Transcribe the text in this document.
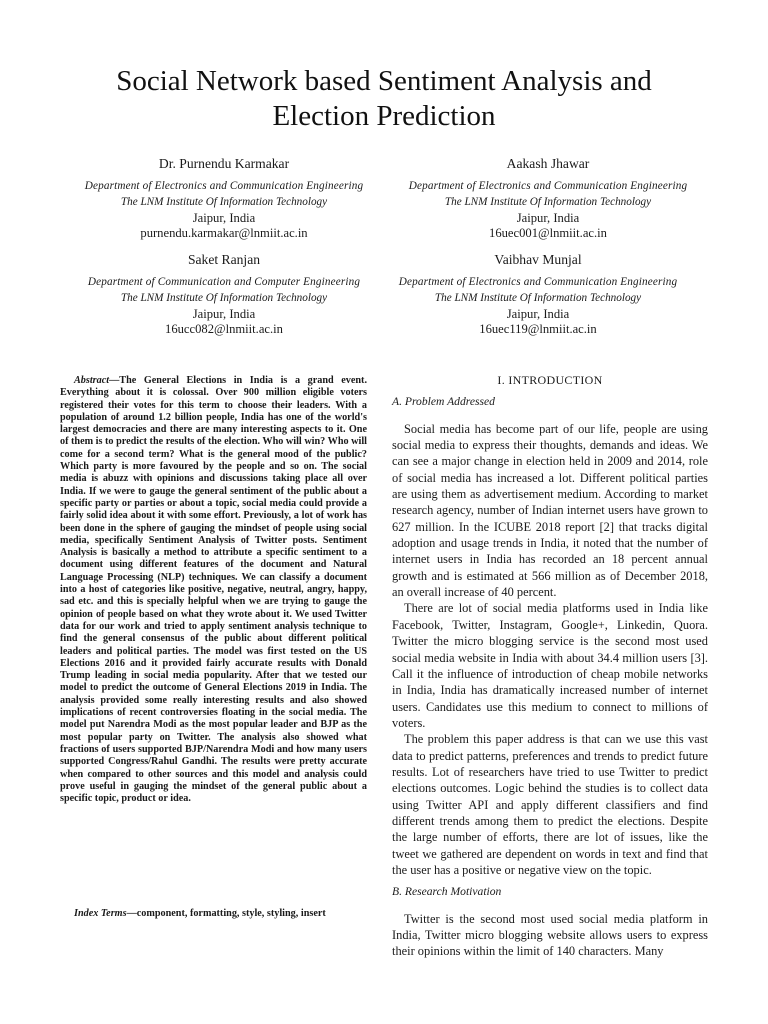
Social Network based Sentiment Analysis and
Election Prediction
Dr. Purnendu Karmakar
Department of Electronics and Communication Engineering
The LNM Institute Of Information Technology
Jaipur, India
purnendu.karmakar@lnmiit.ac.in
Aakash Jhawar
Department of Electronics and Communication Engineering
The LNM Institute Of Information Technology
Jaipur, India
16uec001@lnmiit.ac.in
Saket Ranjan
Department of Communication and Computer Engineering
The LNM Institute Of Information Technology
Jaipur, India
16ucc082@lnmiit.ac.in
Vaibhav Munjal
Department of Electronics and Communication Engineering
The LNM Institute Of Information Technology
Jaipur, India
16uec119@lnmiit.ac.in
Abstract—The General Elections in India is a grand event. Everything about it is colossal. Over 900 million eligible voters registered their votes for this term to choose their leaders. With a population of around 1.2 billion people, India has one of the world's largest democracies and there are many interesting aspects to it. One of them is to predict the results of the election. Who will win? Who will come for a second term? What is the general mood of the public? Which party is more favoured by the people and so on. The social media is abuzz with opinions and discussions taking place all over India. If we were to gauge the general sentiment of the public about a specific party or parties or about a topic, social media could provide a fairly solid idea about it with some effort. Previously, a lot of work has been done in the sphere of gauging the mindset of people using social media, specifically Sentiment Analysis of Twitter posts. Sentiment Analysis is basically a method to attribute a specific sentiment to a document using different features of the document and Natural Language Processing (NLP) techniques. We can classify a document into a host of categories like positive, negative, neutral, angry, happy, sad etc. and this is specially helpful when we are trying to gauge the opinion of people based on what they wrote about it. We used Twitter data for our work and tried to apply sentiment analysis technique to find the general consensus of the public about different political leaders and political parties. The model was first tested on the US Elections 2016 and it provided fairly accurate results with Donald Trump leading in social media popularity. After that we tested our model to predict the outcome of General Elections 2019 in India. The analysis provided some really interesting results and also showed implications of recent controversies floating in the social media. The model put Narendra Modi as the most popular leader and BJP as the most popular party on Twitter. The analysis also showed what fractions of users supported BJP/Narendra Modi and how many users supported Congress/Rahul Gandhi. The results were pretty accurate when compared to other sources and this model and analysis could prove useful in gauging the mindset of the general public about a specific topic, product or idea.
Index Terms—component, formatting, style, styling, insert
I. INTRODUCTION
A. Problem Addressed

Social media has become part of our life, people are using social media to express their thoughts, demands and ideas. We can see a major change in election held in 2009 and 2014, role of social media has increased a lot. Different political parties are using them as advertisement medium. According to market research agency, number of Indian internet users have grown to 627 million. In the ICUBE 2018 report [2] that tracks digital adoption and usage trends in India, it noted that the number of internet users in India has recorded an 18 percent annual growth and is estimated at 566 million as of December 2018, an overall increase of 40 percent.

There are lot of social media platforms used in India like Facebook, Twitter, Instagram, Google+, Linkedin, Quora. Twitter the micro blogging service is the second most used social media website in India with about 34.4 million users [3]. Call it the influence of introduction of cheap mobile networks in India, India has dramatically increased number of internet users. Candidates use this medium to connect to millions of voters.

The problem this paper address is that can we use this vast data to predict patterns, preferences and trends to predict future results. Lot of researchers have tried to use Twitter to predict elections outcomes. Logic behind the studies is to collect data using Twitter API and apply different classifiers and find different trends among them to predict the elections. Despite the large number of efforts, there are lot of issues, like the tweet we gathered are dependent on words in text and find that the user has a positive or negative view on the topic.

B. Research Motivation

Twitter is the second most used social media platform in India, Twitter micro blogging website allows users to express their opinions within the limit of 140 characters. Many
